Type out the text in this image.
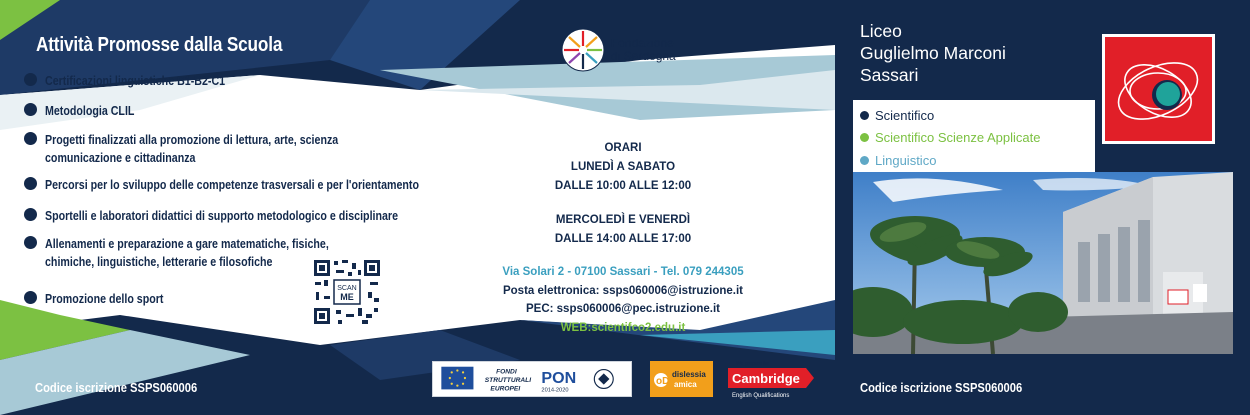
Attività Promosse dalla Scuola
Certificazioni linguistiche B1-B2-C1
Metodologia CLIL
Progetti finalizzati alla promozione di lettura, arte, scienza
comunicazione e cittadinanza
Percorsi per lo sviluppo delle competenze trasversali e per l'orientamento
Sportelli e laboratori didattici di supporto metodologico e disciplinare
Allenamenti e preparazione a gare matematiche, fisiche,
chimiche, linguistiche, letterarie e filosofiche
Promozione dello sport
SCAN
ME
Codice iscrizione SSPS060006
Fondazione
di Sardegna
ORARI
LUNEDÌ A SABATO
DALLE 10:00 ALLE 12:00
MERCOLEDÌ E VENERDÌ
DALLE 14:00 ALLE 17:00
Via Solari 2 - 07100 Sassari - Tel. 079 244305
Posta elettronica: ssps060006@istruzione.it
PEC: ssps060006@pec.istruzione.it
WEB:scientifco2.edu.it
FONDI
STRUTTURALI
EUROPEI
PON
2014-2020
oD
dislessia
amica
We prepare for
Cambridge
English Qualifications
Liceo
Guglielmo Marconi
Sassari
Scientifico
Scientifico Scienze Applicate
Linguistico
Codice iscrizione SSPS060006
